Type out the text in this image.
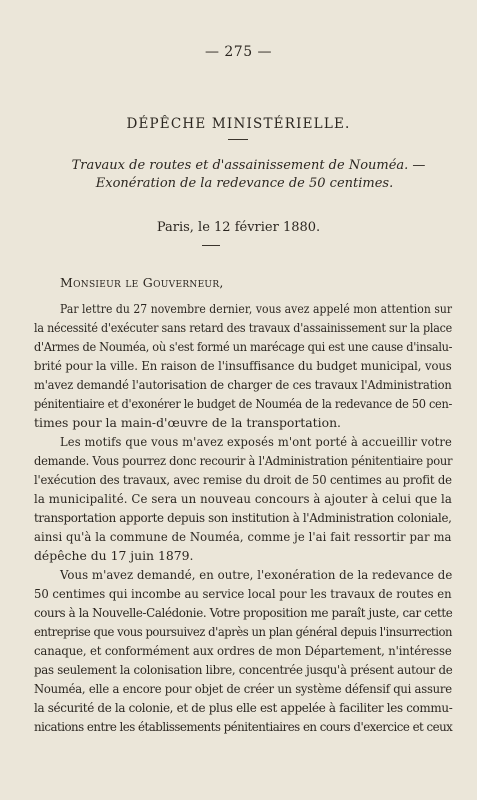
— 275 —
DÉPÊCHE MINISTÉRIELLE.
Travaux de routes et d'assainissement de Nouméa. —
Exonération de la redevance de 50 centimes.
Paris, le 12 février 1880.
Monsieur le Gouverneur,
Par lettre du 27 novembre dernier, vous avez appelé mon attention sur
la nécessité d'exécuter sans retard des travaux d'assainissement sur la place
d'Armes de Nouméa, où s'est formé un marécage qui est une cause d'insalu-
brité pour la ville. En raison de l'insuffisance du budget municipal, vous
m'avez demandé l'autorisation de charger de ces travaux l'Administration
pénitentiaire et d'exonérer le budget de Nouméa de la redevance de 50 cen-
times pour la main-d'œuvre de la transportation.
Les motifs que vous m'avez exposés m'ont porté à accueillir votre
demande. Vous pourrez donc recourir à l'Administration pénitentiaire pour
l'exécution des travaux, avec remise du droit de 50 centimes au profit de
la municipalité. Ce sera un nouveau concours à ajouter à celui que la
transportation apporte depuis son institution à l'Administration coloniale,
ainsi qu'à la commune de Nouméa, comme je l'ai fait ressortir par ma
dépêche du 17 juin 1879.
Vous m'avez demandé, en outre, l'exonération de la redevance de
50 centimes qui incombe au service local pour les travaux de routes en
cours à la Nouvelle-Calédonie. Votre proposition me paraît juste, car cette
entreprise que vous poursuivez d'après un plan général depuis l'insurrection
canaque, et conformément aux ordres de mon Département, n'intéresse
pas seulement la colonisation libre, concentrée jusqu'à présent autour de
Nouméa, elle a encore pour objet de créer un système défensif qui assure
la sécurité de la colonie, et de plus elle est appelée à faciliter les commu-
nications entre les établissements pénitentiaires en cours d'exercice et ceux
